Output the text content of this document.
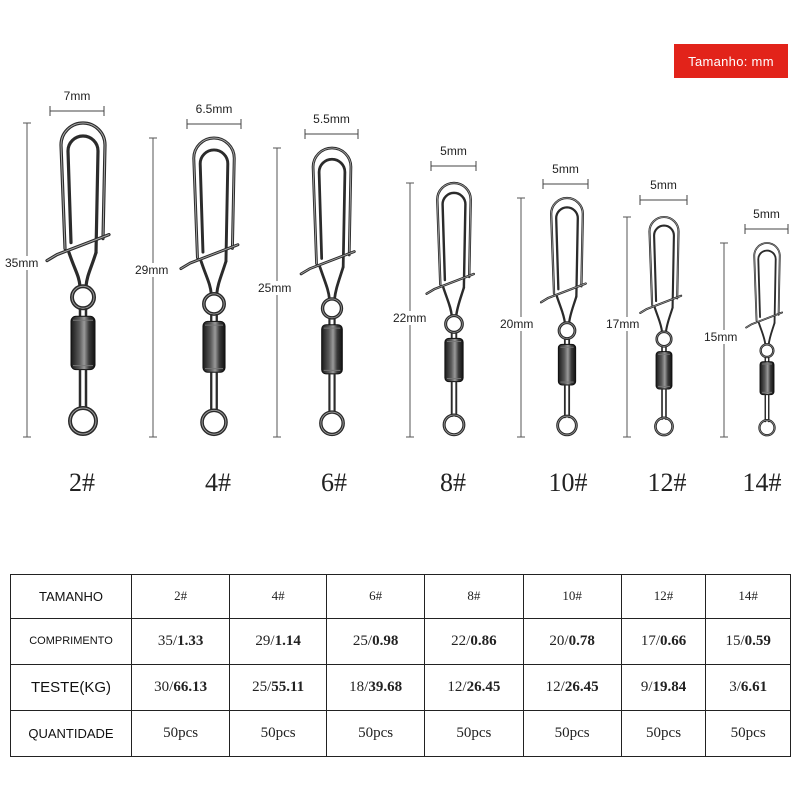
Tamanho: mm
7mm
35mm
2#
6.5mm
29mm
4#
5.5mm
25mm
6#
5mm
22mm
8#
5mm
20mm
10#
5mm
17mm
12#
5mm
15mm
14#
TAMANHO	2#	4#	6#	8#	10#	12#	14#
COMPRIMENTO	35/1.33	29/1.14	25/0.98	22/0.86	20/0.78	17/0.66	15/0.59
TESTE(KG)	30/66.13	25/55.11	18/39.68	12/26.45	12/26.45	9/19.84	3/6.61
QUANTIDADE	50pcs	50pcs	50pcs	50pcs	50pcs	50pcs	50pcs
